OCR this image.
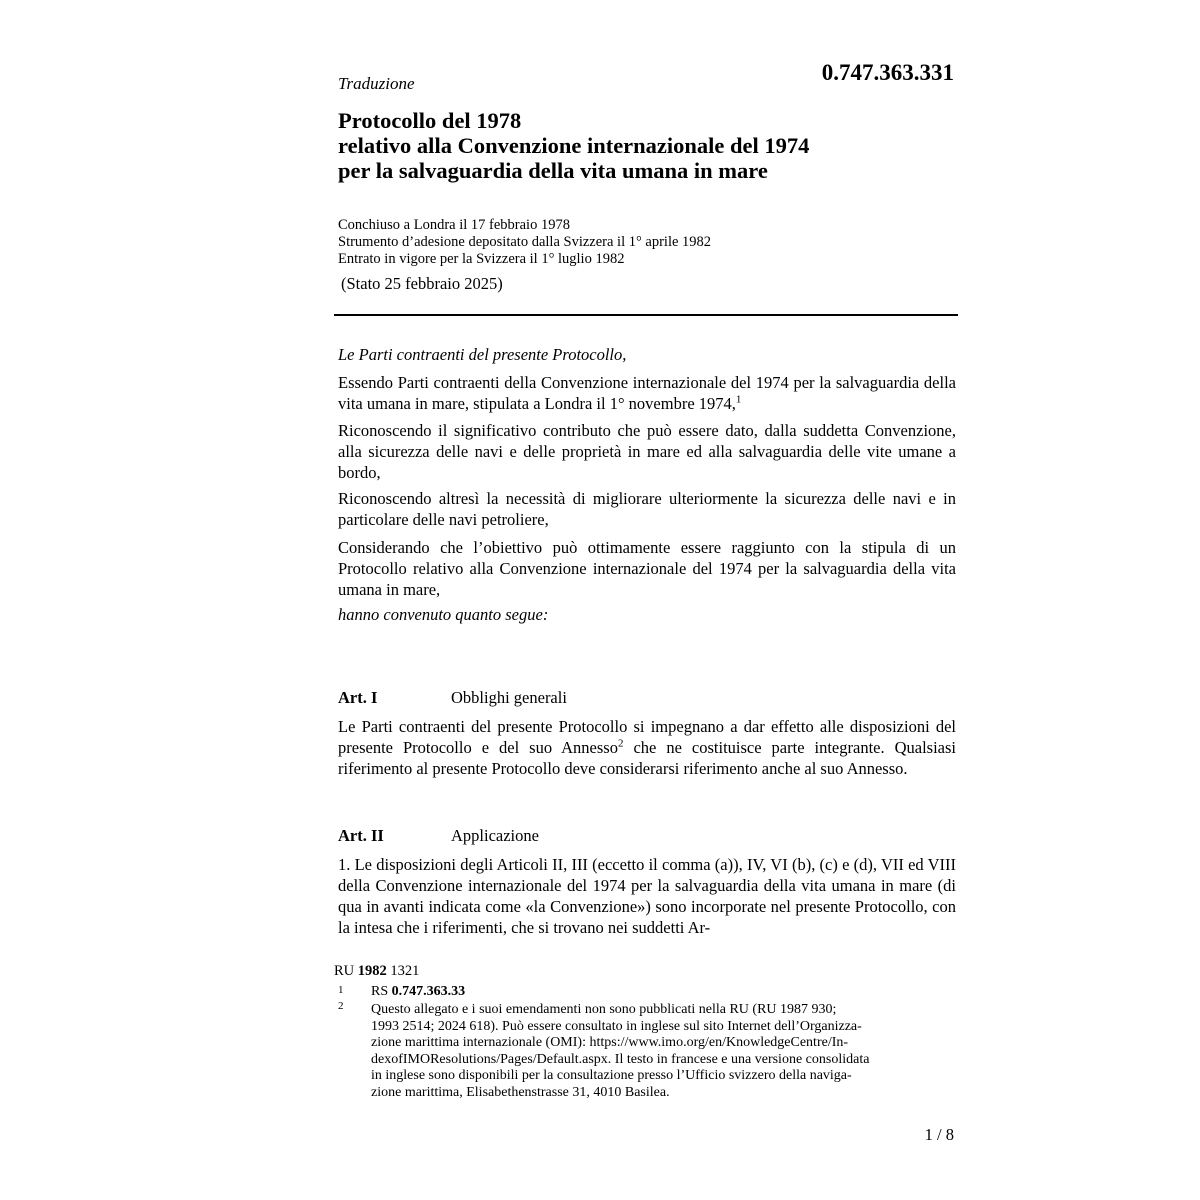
Traduzione	0.747.363.331
Protocollo del 1978
relativo alla Convenzione internazionale del 1974
per la salvaguardia della vita umana in mare
Conchiuso a Londra il 17 febbraio 1978
Strumento d’adesione depositato dalla Svizzera il 1° aprile 1982
Entrato in vigore per la Svizzera il 1° luglio 1982
(Stato 25 febbraio 2025)
Le Parti contraenti del presente Protocollo,

Essendo Parti contraenti della Convenzione internazionale del 1974 per la salvaguardia della vita umana in mare, stipulata a Londra il 1° novembre 1974,$^1$

Riconoscendo il significativo contributo che può essere dato, dalla suddetta Convenzione, alla sicurezza delle navi e delle proprietà in mare ed alla salvaguardia delle vite umane a bordo,
Riconoscendo altresì la necessità di migliorare ulteriormente la sicurezza delle navi e in particolare delle navi petroliere,
Considerando che l’obiettivo può ottimamente essere raggiunto con la stipula di un Protocollo relativo alla Convenzione internazionale del 1974 per la salvaguardia della vita umana in mare,
hanno convenuto quanto segue:
Art. I	Obblighi generali

Le Parti contraenti del presente Protocollo si impegnano a dar effetto alle disposizioni del presente Protocollo e del suo Annesso$^2$ che ne costituisce parte integrante. Qualsiasi riferimento al presente Protocollo deve considerarsi riferimento anche al suo Annesso.

Art. II	Applicazione
1. Le disposizioni degli Articoli II, III (eccetto il comma (a)), IV, VI (b), (c) e (d), VII ed VIII della Convenzione internazionale del 1974 per la salvaguardia della vita umana in mare (di qua in avanti indicata come «la Convenzione») sono incorporate nel presente Protocollo, con la intesa che i riferimenti, che si trovano nei suddetti Ar-
RU 1982 1321
1 RS 0.747.363.33
2 Questo allegato e i suoi emendamenti non sono pubblicati nella RU (RU 1987 930;
1993 2514; 2024 618). Può essere consultato in inglese sul sito Internet dell’Organizza-
zione marittima internazionale (OMI): https://www.imo.org/en/KnowledgeCentre/In-
dexofIMOResolutions/Pages/Default.aspx. Il testo in francese e una versione consolidata
in inglese sono disponibili per la consultazione presso l’Ufficio svizzero della naviga-
zione marittima, Elisabethenstrasse 31, 4010 Basilea.
1 / 8
